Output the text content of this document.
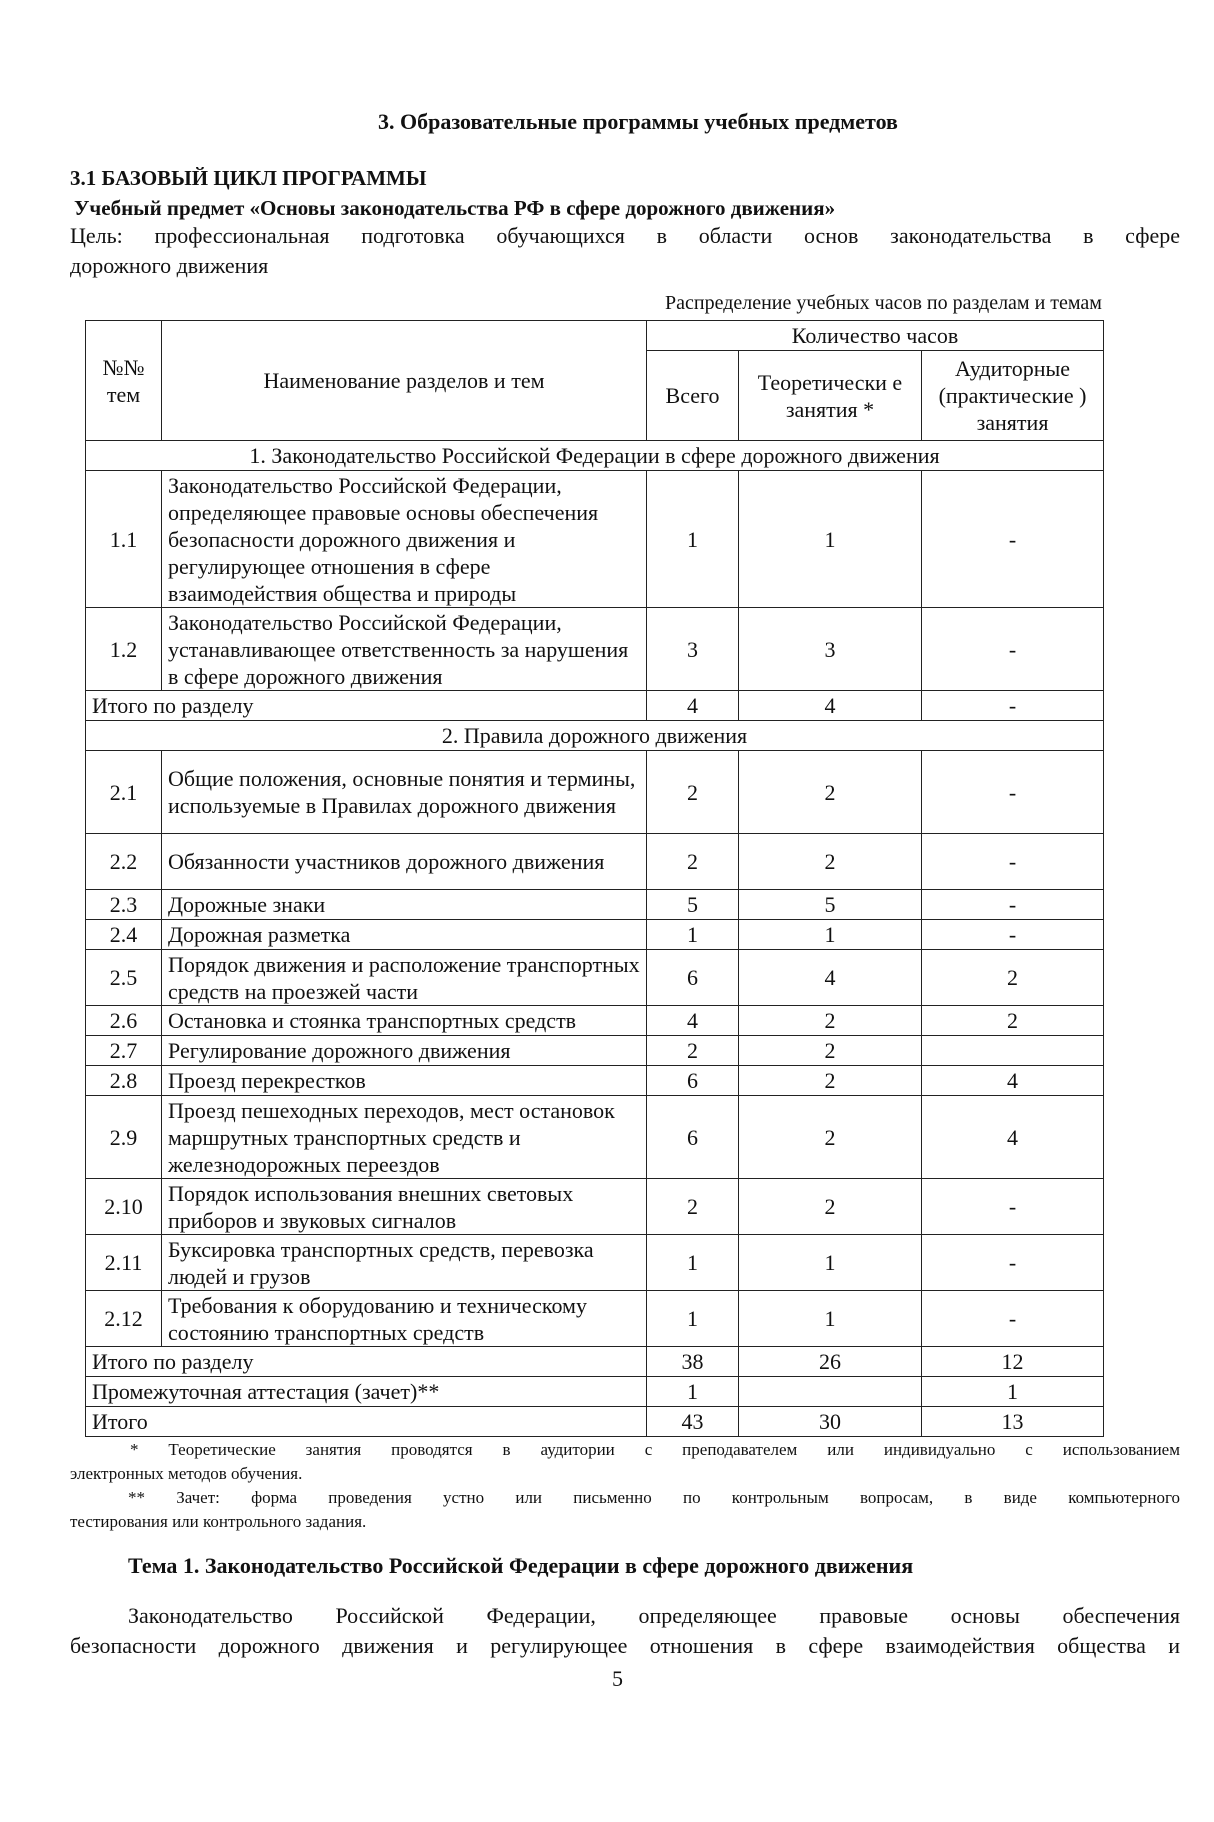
3. Образовательные программы учебных предметов
3.1 БАЗОВЫЙ ЦИКЛ ПРОГРАММЫ
Учебный предмет «Основы законодательства РФ в сфере дорожного движения»
Цель: профессиональная подготовка обучающихся в области основ законодательства в сфере
дорожного движения
Распределение учебных часов по разделам и темам
№№ тем	Наименование разделов и тем	Количество часов		
		Всего	Теоретически е занятия *	Аудиторные (практические ) занятия
1. Законодательство Российской Федерации в сфере дорожного движения				
1.1	Законодательство Российской Федерации, определяющее правовые основы обеспечения безопасности дорожного движения и регулирующее отношения в сфере взаимодействия общества и природы	1	1	-
1.2	Законодательство Российской Федерации, устанавливающее ответственность за нарушения в сфере дорожного движения	3	3	-
Итого по разделу		4	4	-
2. Правила дорожного движения				
2.1	Общие положения, основные понятия и термины, используемые в Правилах дорожного движения	2	2	-
2.2	Обязанности участников дорожного движения	2	2	-
2.3	Дорожные знаки	5	5	-
2.4	Дорожная разметка	1	1	-
2.5	Порядок движения и расположение транспортных средств на проезжей части	6	4	2
2.6	Остановка и стоянка транспортных средств	4	2	2
2.7	Регулирование дорожного движения	2	2	
2.8	Проезд перекрестков	6	2	4
2.9	Проезд пешеходных переходов, мест остановок маршрутных транспортных средств и железнодорожных переездов	6	2	4
2.10	Порядок использования внешних световых приборов и звуковых сигналов	2	2	-
2.11	Буксировка транспортных средств, перевозка людей и грузов	1	1	-
2.12	Требования к оборудованию и техническому состоянию транспортных средств	1	1	-
Итого по разделу		38	26	12
Промежуточная аттестация (зачет)**		1		1
Итого		43	30	13
* Теоретические занятия проводятся в аудитории с преподавателем или индивидуально с использованием
электронных методов обучения.
** Зачет: форма проведения устно или письменно по контрольным вопросам, в виде компьютерного
тестирования или контрольного задания.
Тема 1. Законодательство Российской Федерации в сфере дорожного движения
Законодательство Российской Федерации, определяющее правовые основы обеспечения
безопасности дорожного движения и регулирующее отношения в сфере взаимодействия общества и
5
